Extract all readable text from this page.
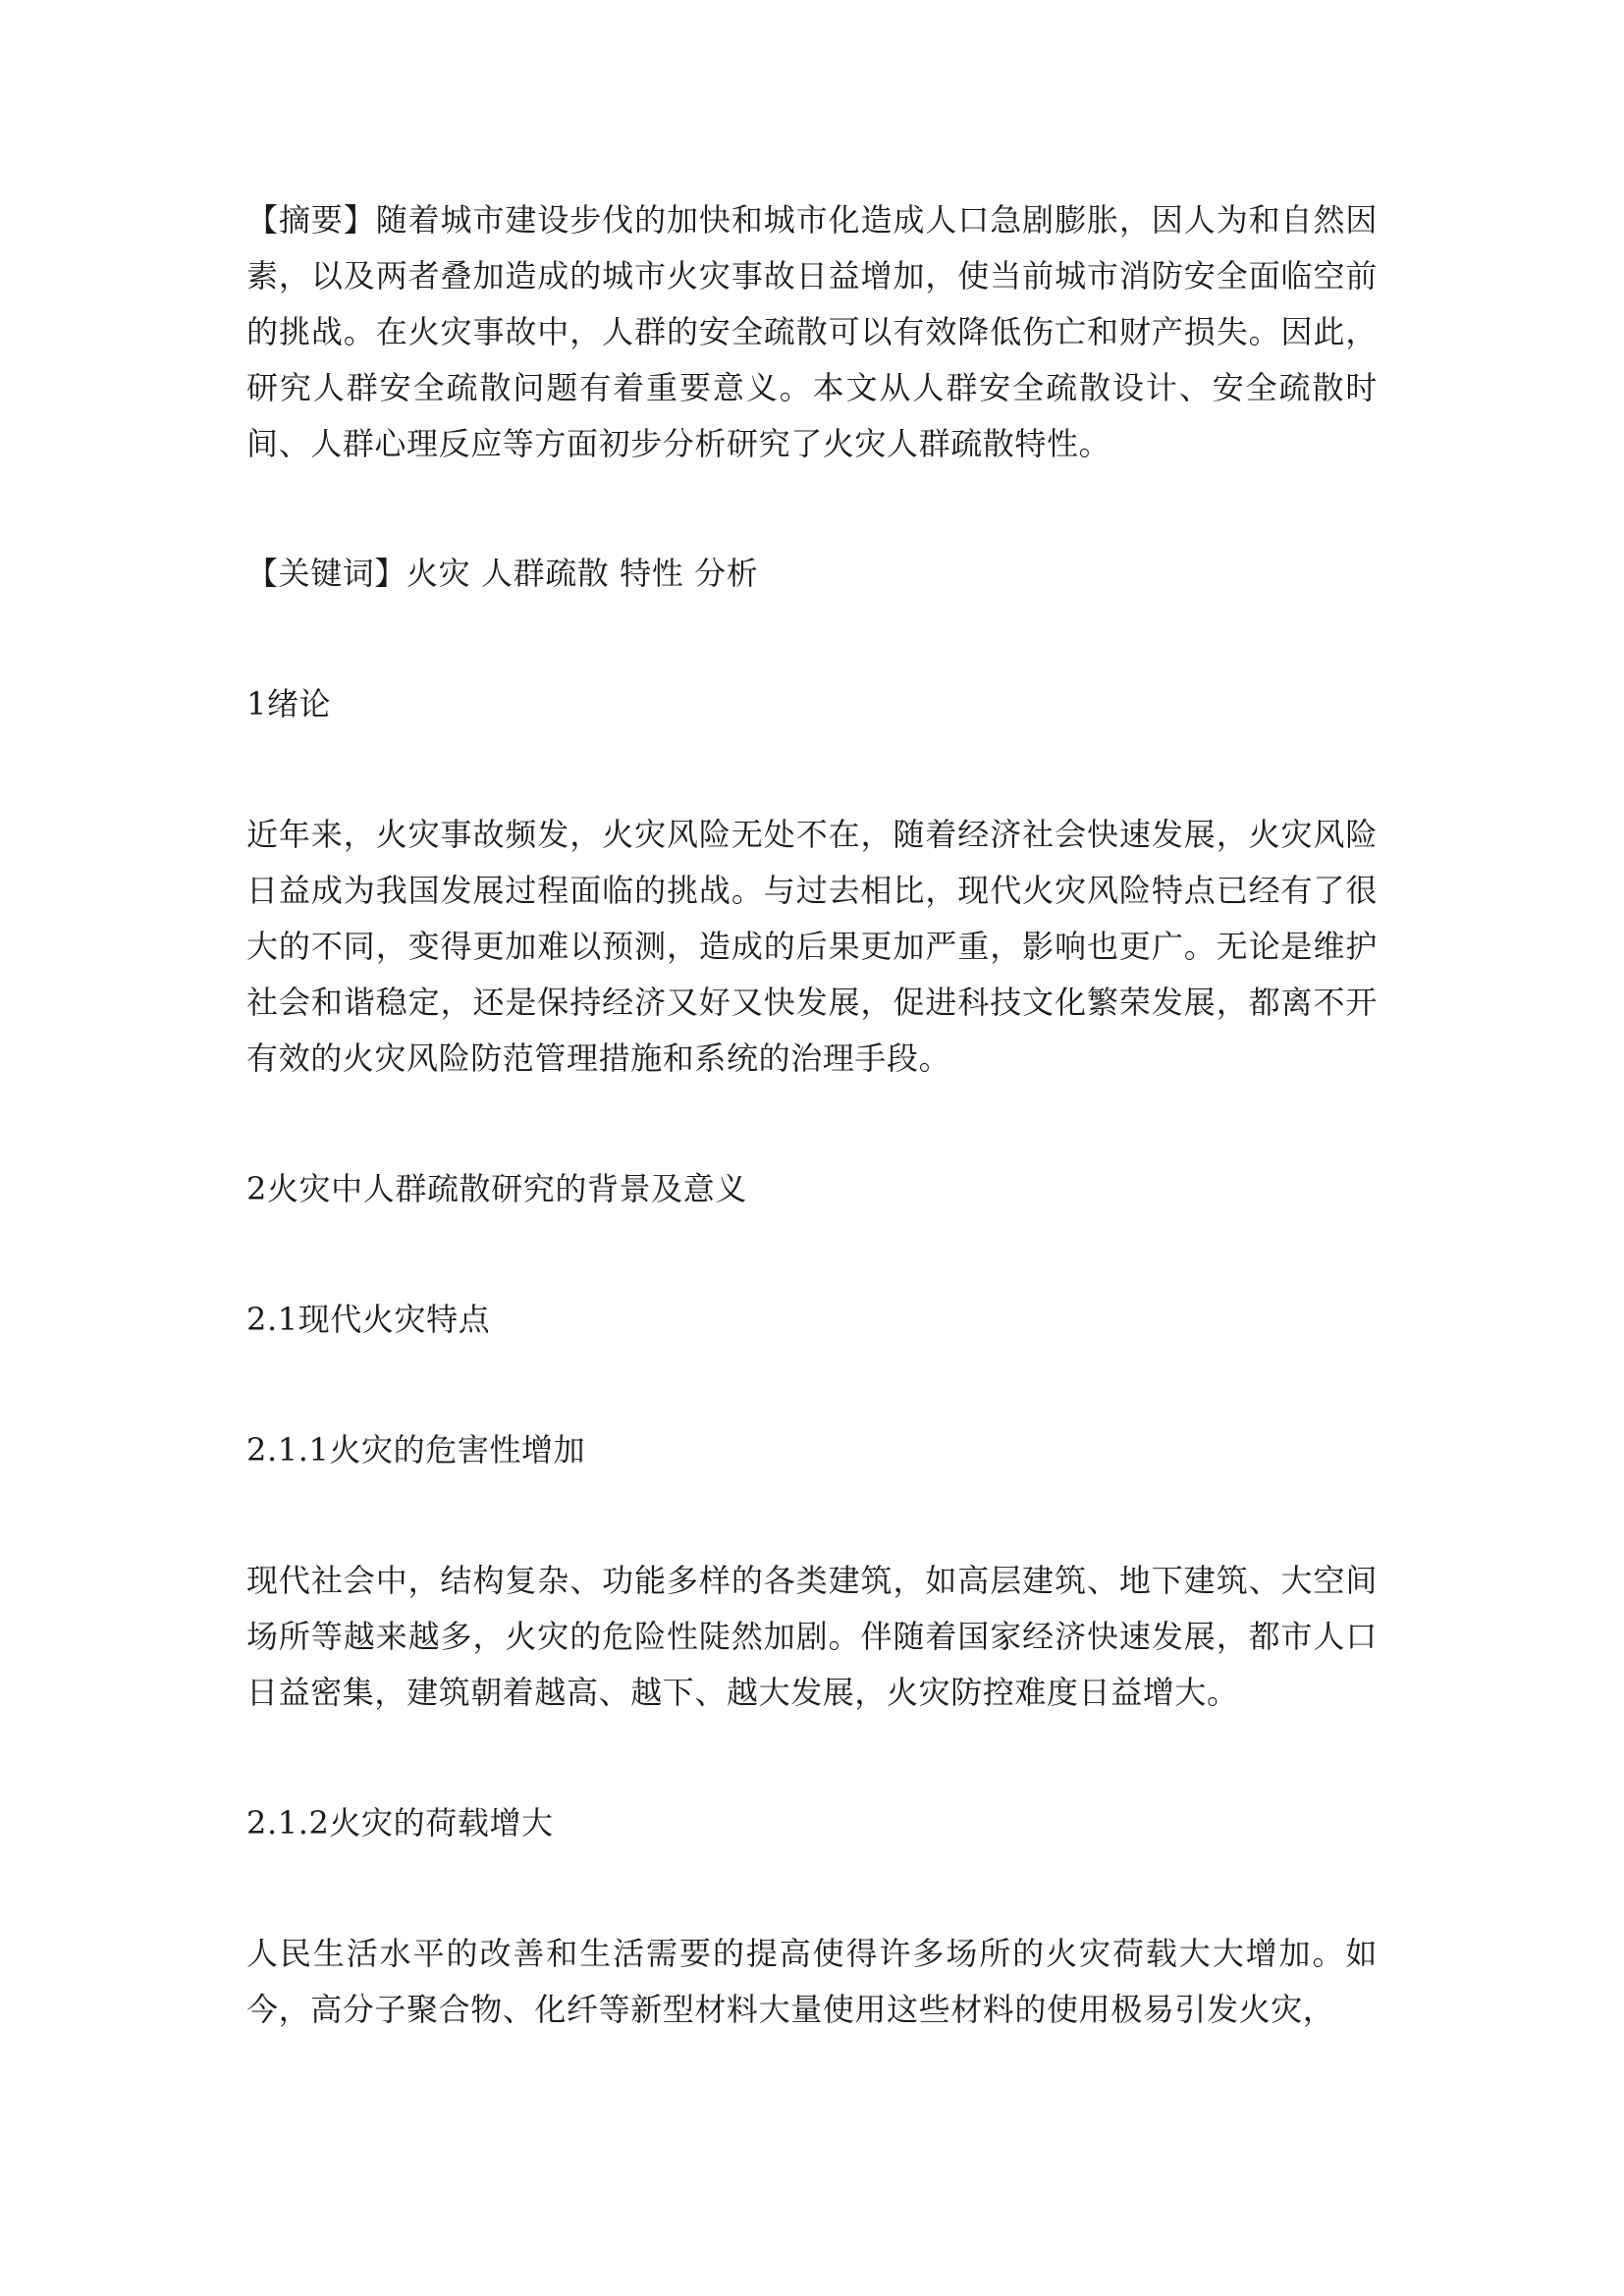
【摘要】随着城市建设步伐的加快和城市化造成人口急剧膨胀，因人为和自然因素，以及两者叠加造成的城市火灾事故日益增加，使当前城市消防安全面临空前的挑战。在火灾事故中，人群的安全疏散可以有效降低伤亡和财产损失。因此，研究人群安全疏散问题有着重要意义。本文从人群安全疏散设计、安全疏散时间、人群心理反应等方面初步分析研究了火灾人群疏散特性。

【关键词】火灾 人群疏散 特性 分析

1绪论

近年来，火灾事故频发，火灾风险无处不在，随着经济社会快速发展，火灾风险日益成为我国发展过程面临的挑战。与过去相比，现代火灾风险特点已经有了很大的不同，变得更加难以预测，造成的后果更加严重，影响也更广。无论是维护社会和谐稳定，还是保持经济又好又快发展，促进科技文化繁荣发展，都离不开有效的火灾风险防范管理措施和系统的治理手段。

2火灾中人群疏散研究的背景及意义

2.1现代火灾特点

2.1.1火灾的危害性增加

现代社会中，结构复杂、功能多样的各类建筑，如高层建筑、地下建筑、大空间场所等越来越多，火灾的危险性陡然加剧。伴随着国家经济快速发展，都市人口日益密集，建筑朝着越高、越下、越大发展，火灾防控难度日益增大。

2.1.2火灾的荷载增大

人民生活水平的改善和生活需要的提高使得许多场所的火灾荷载大大增加。如今，高分子聚合物、化纤等新型材料大量使用这些材料的使用极易引发火灾，
